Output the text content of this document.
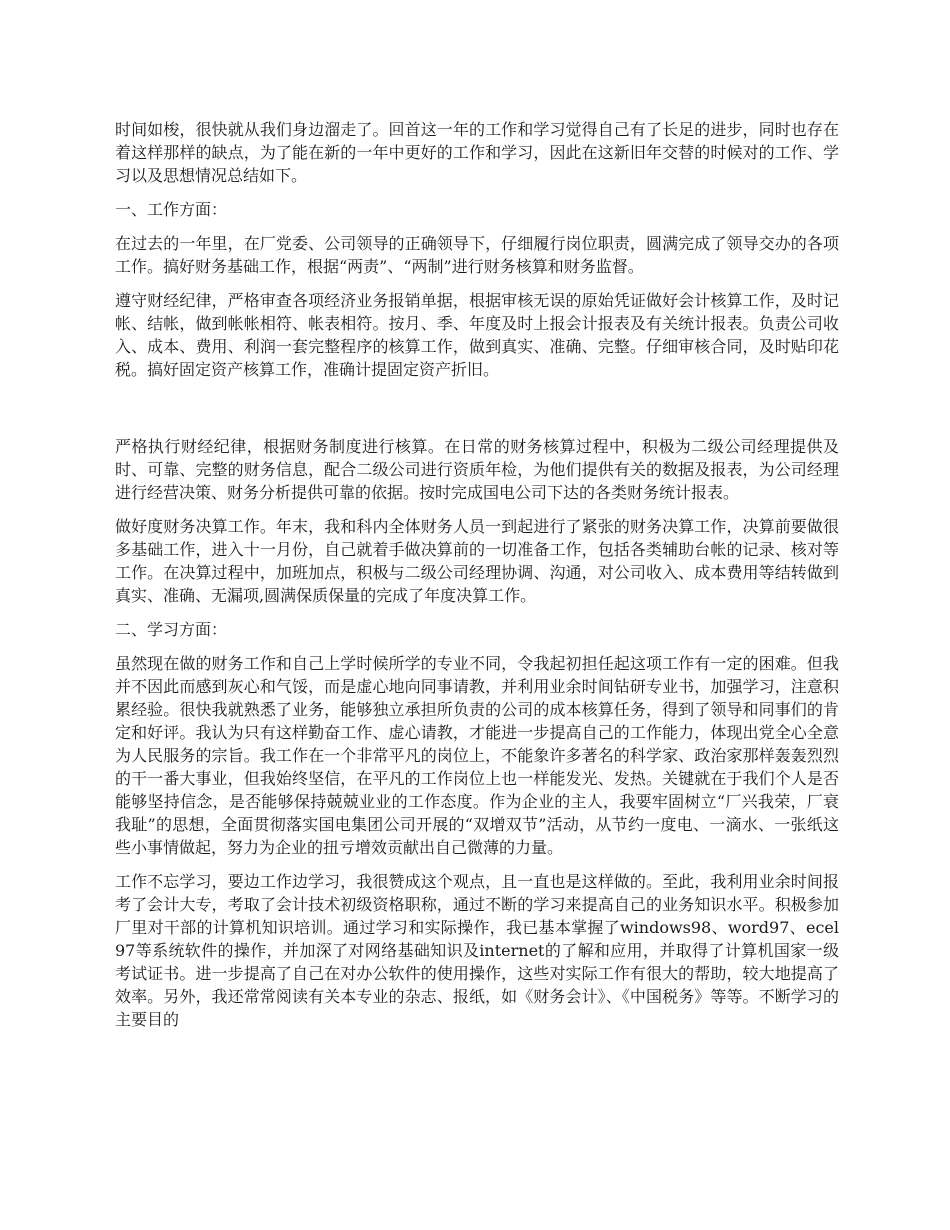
时间如梭，很快就从我们身边溜走了。回首这一年的工作和学习觉得自己有了长足的进步，同时也存在着这样那样的缺点，为了能在新的一年中更好的工作和学习，因此在这新旧年交替的时候对的工作、学习以及思想情况总结如下。

一、工作方面：

在过去的一年里，在厂党委、公司领导的正确领导下，仔细履行岗位职责，圆满完成了领导交办的各项工作。搞好财务基础工作，根据“两责”、“两制”进行财务核算和财务监督。

遵守财经纪律，严格审查各项经济业务报销单据，根据审核无误的原始凭证做好会计核算工作，及时记帐、结帐，做到帐帐相符、帐表相符。按月、季、年度及时上报会计报表及有关统计报表。负责公司收入、成本、费用、利润一套完整程序的核算工作，做到真实、准确、完整。仔细审核合同，及时贴印花税。搞好固定资产核算工作，准确计提固定资产折旧。

严格执行财经纪律，根据财务制度进行核算。在日常的财务核算过程中，积极为二级公司经理提供及时、可靠、完整的财务信息，配合二级公司进行资质年检，为他们提供有关的数据及报表，为公司经理进行经营决策、财务分析提供可靠的依据。按时完成国电公司下达的各类财务统计报表。

做好度财务决算工作。年末，我和科内全体财务人员一到起进行了紧张的财务决算工作，决算前要做很多基础工作，进入十一月份，自己就着手做决算前的一切准备工作，包括各类辅助台帐的记录、核对等工作。在决算过程中，加班加点，积极与二级公司经理协调、沟通，对公司收入、成本费用等结转做到真实、准确、无漏项,圆满保质保量的完成了年度决算工作。

二、学习方面：

虽然现在做的财务工作和自己上学时候所学的专业不同，令我起初担任起这项工作有一定的困难。但我并不因此而感到灰心和气馁，而是虚心地向同事请教，并利用业余时间钻研专业书，加强学习，注意积累经验。很快我就熟悉了业务，能够独立承担所负责的公司的成本核算任务，得到了领导和同事们的肯定和好评。我认为只有这样勤奋工作、虚心请教，才能进一步提高自己的工作能力，体现出党全心全意为人民服务的宗旨。我工作在一个非常平凡的岗位上，不能象许多著名的科学家、政治家那样轰轰烈烈的干一番大事业，但我始终坚信，在平凡的工作岗位上也一样能发光、发热。关键就在于我们个人是否能够坚持信念，是否能够保持兢兢业业的工作态度。作为企业的主人，我要牢固树立“厂兴我荣，厂衰我耻”的思想，全面贯彻落实国电集团公司开展的“双增双节”活动，从节约一度电、一滴水、一张纸这些小事情做起，努力为企业的扭亏增效贡献出自己微薄的力量。

工作不忘学习，要边工作边学习，我很赞成这个观点，且一直也是这样做的。至此，我利用业余时间报考了会计大专，考取了会计技术初级资格职称，通过不断的学习来提高自己的业务知识水平。积极参加厂里对干部的计算机知识培训。通过学习和实际操作，我已基本掌握了windows98、word97、ecel97等系统软件的操作，并加深了对网络基础知识及internet的了解和应用，并取得了计算机国家一级考试证书。进一步提高了自己在对办公软件的使用操作，这些对实际工作有很大的帮助，较大地提高了效率。另外，我还常常阅读有关本专业的杂志、报纸，如《财务会计》、《中国税务》等等。不断学习的主要目的
